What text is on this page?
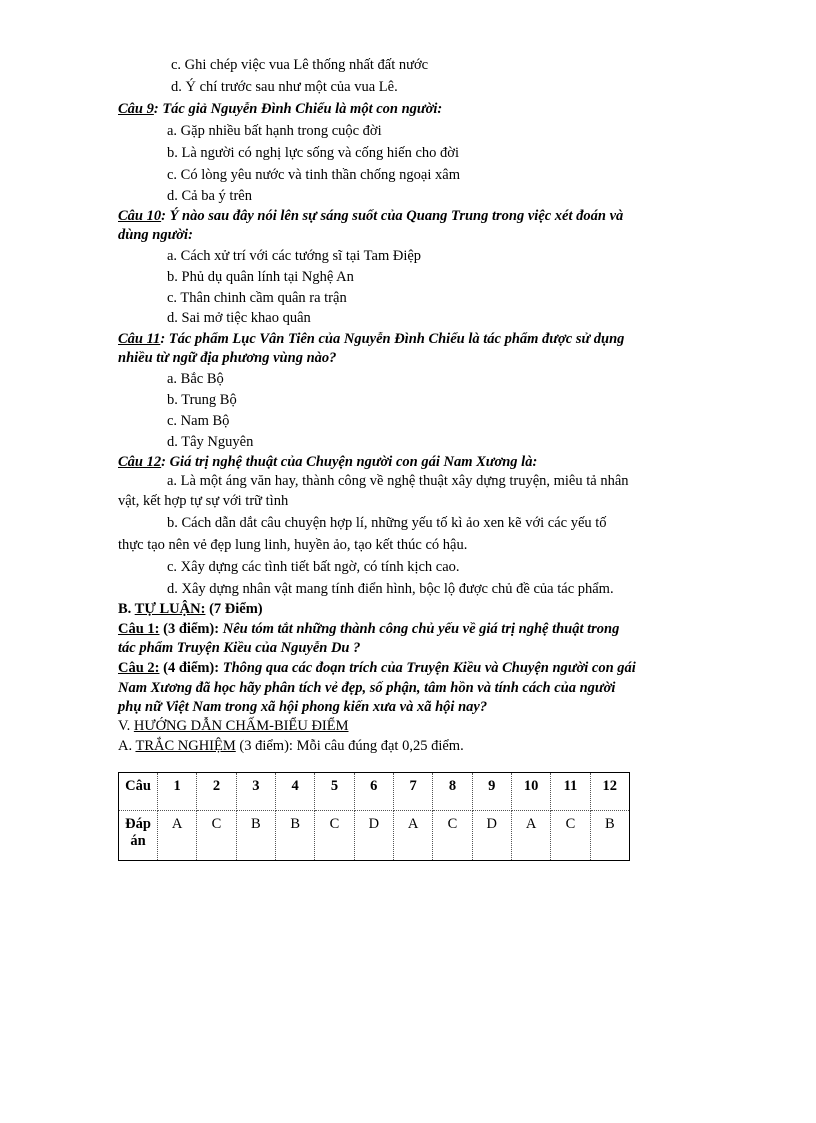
c. Ghi chép việc vua Lê thống nhất đất nước
d. Ý chí trước sau như một của vua Lê.
Câu 9: Tác giả Nguyễn Đình Chiểu là một con người:
a. Gặp nhiều bất hạnh trong cuộc đời
b. Là người có nghị lực sống và cống hiến cho đời
c. Có lòng yêu nước và tinh thần chống ngoại xâm
d. Cả ba ý trên
Câu 10: Ý nào sau đây nói lên sự sáng suốt của Quang Trung trong việc xét đoán và
dùng người:
a. Cách xử trí với các tướng sĩ tại Tam Điệp
b. Phủ dụ quân lính tại Nghệ An
c. Thân chinh cầm quân ra trận
d. Sai mở tiệc khao quân
Câu 11: Tác phẩm Lục Vân Tiên của Nguyễn Đình Chiểu là tác phẩm được sử dụng
nhiều từ ngữ địa phương vùng nào?
a. Bắc Bộ
b. Trung Bộ
c. Nam Bộ
d. Tây Nguyên
Câu 12: Giá trị nghệ thuật của Chuyện người con gái Nam Xương là:
a. Là một áng văn hay, thành công về nghệ thuật xây dựng truyện, miêu tả nhân
vật, kết hợp tự sự với trữ tình
b. Cách dẫn dắt câu chuyện hợp lí, những yếu tố kì ảo xen kẽ với các yếu tố
thực tạo nên vẻ đẹp lung linh, huyền ảo, tạo kết thúc có hậu.
c. Xây dựng các tình tiết bất ngờ, có tính kịch cao.
d. Xây dựng nhân vật mang tính điển hình, bộc lộ được chủ đề của tác phẩm.
B. TỰ LUẬN: (7 Điểm)
Câu 1: (3 điểm): Nêu tóm tắt những thành công chủ yếu về giá trị nghệ thuật trong
tác phẩm Truyện Kiều của Nguyễn Du ?
Câu 2: (4 điểm): Thông qua các đoạn trích của Truyện Kiều và Chuyện người con gái
Nam Xương đã học hãy phân tích vẻ đẹp, số phận, tâm hồn và tính cách của người
phụ nữ Việt Nam trong xã hội phong kiến xưa và xã hội nay?
V. HƯỚNG DẪN CHẤM-BIỂU ĐIỂM
A. TRẮC NGHIỆM (3 điểm): Mỗi câu đúng đạt 0,25 điểm.
Câu	1	2	3	4	5	6	7	8	9	10	11	12
Đáp
án	A	C	B	B	C	D	A	C	D	A	C	B
